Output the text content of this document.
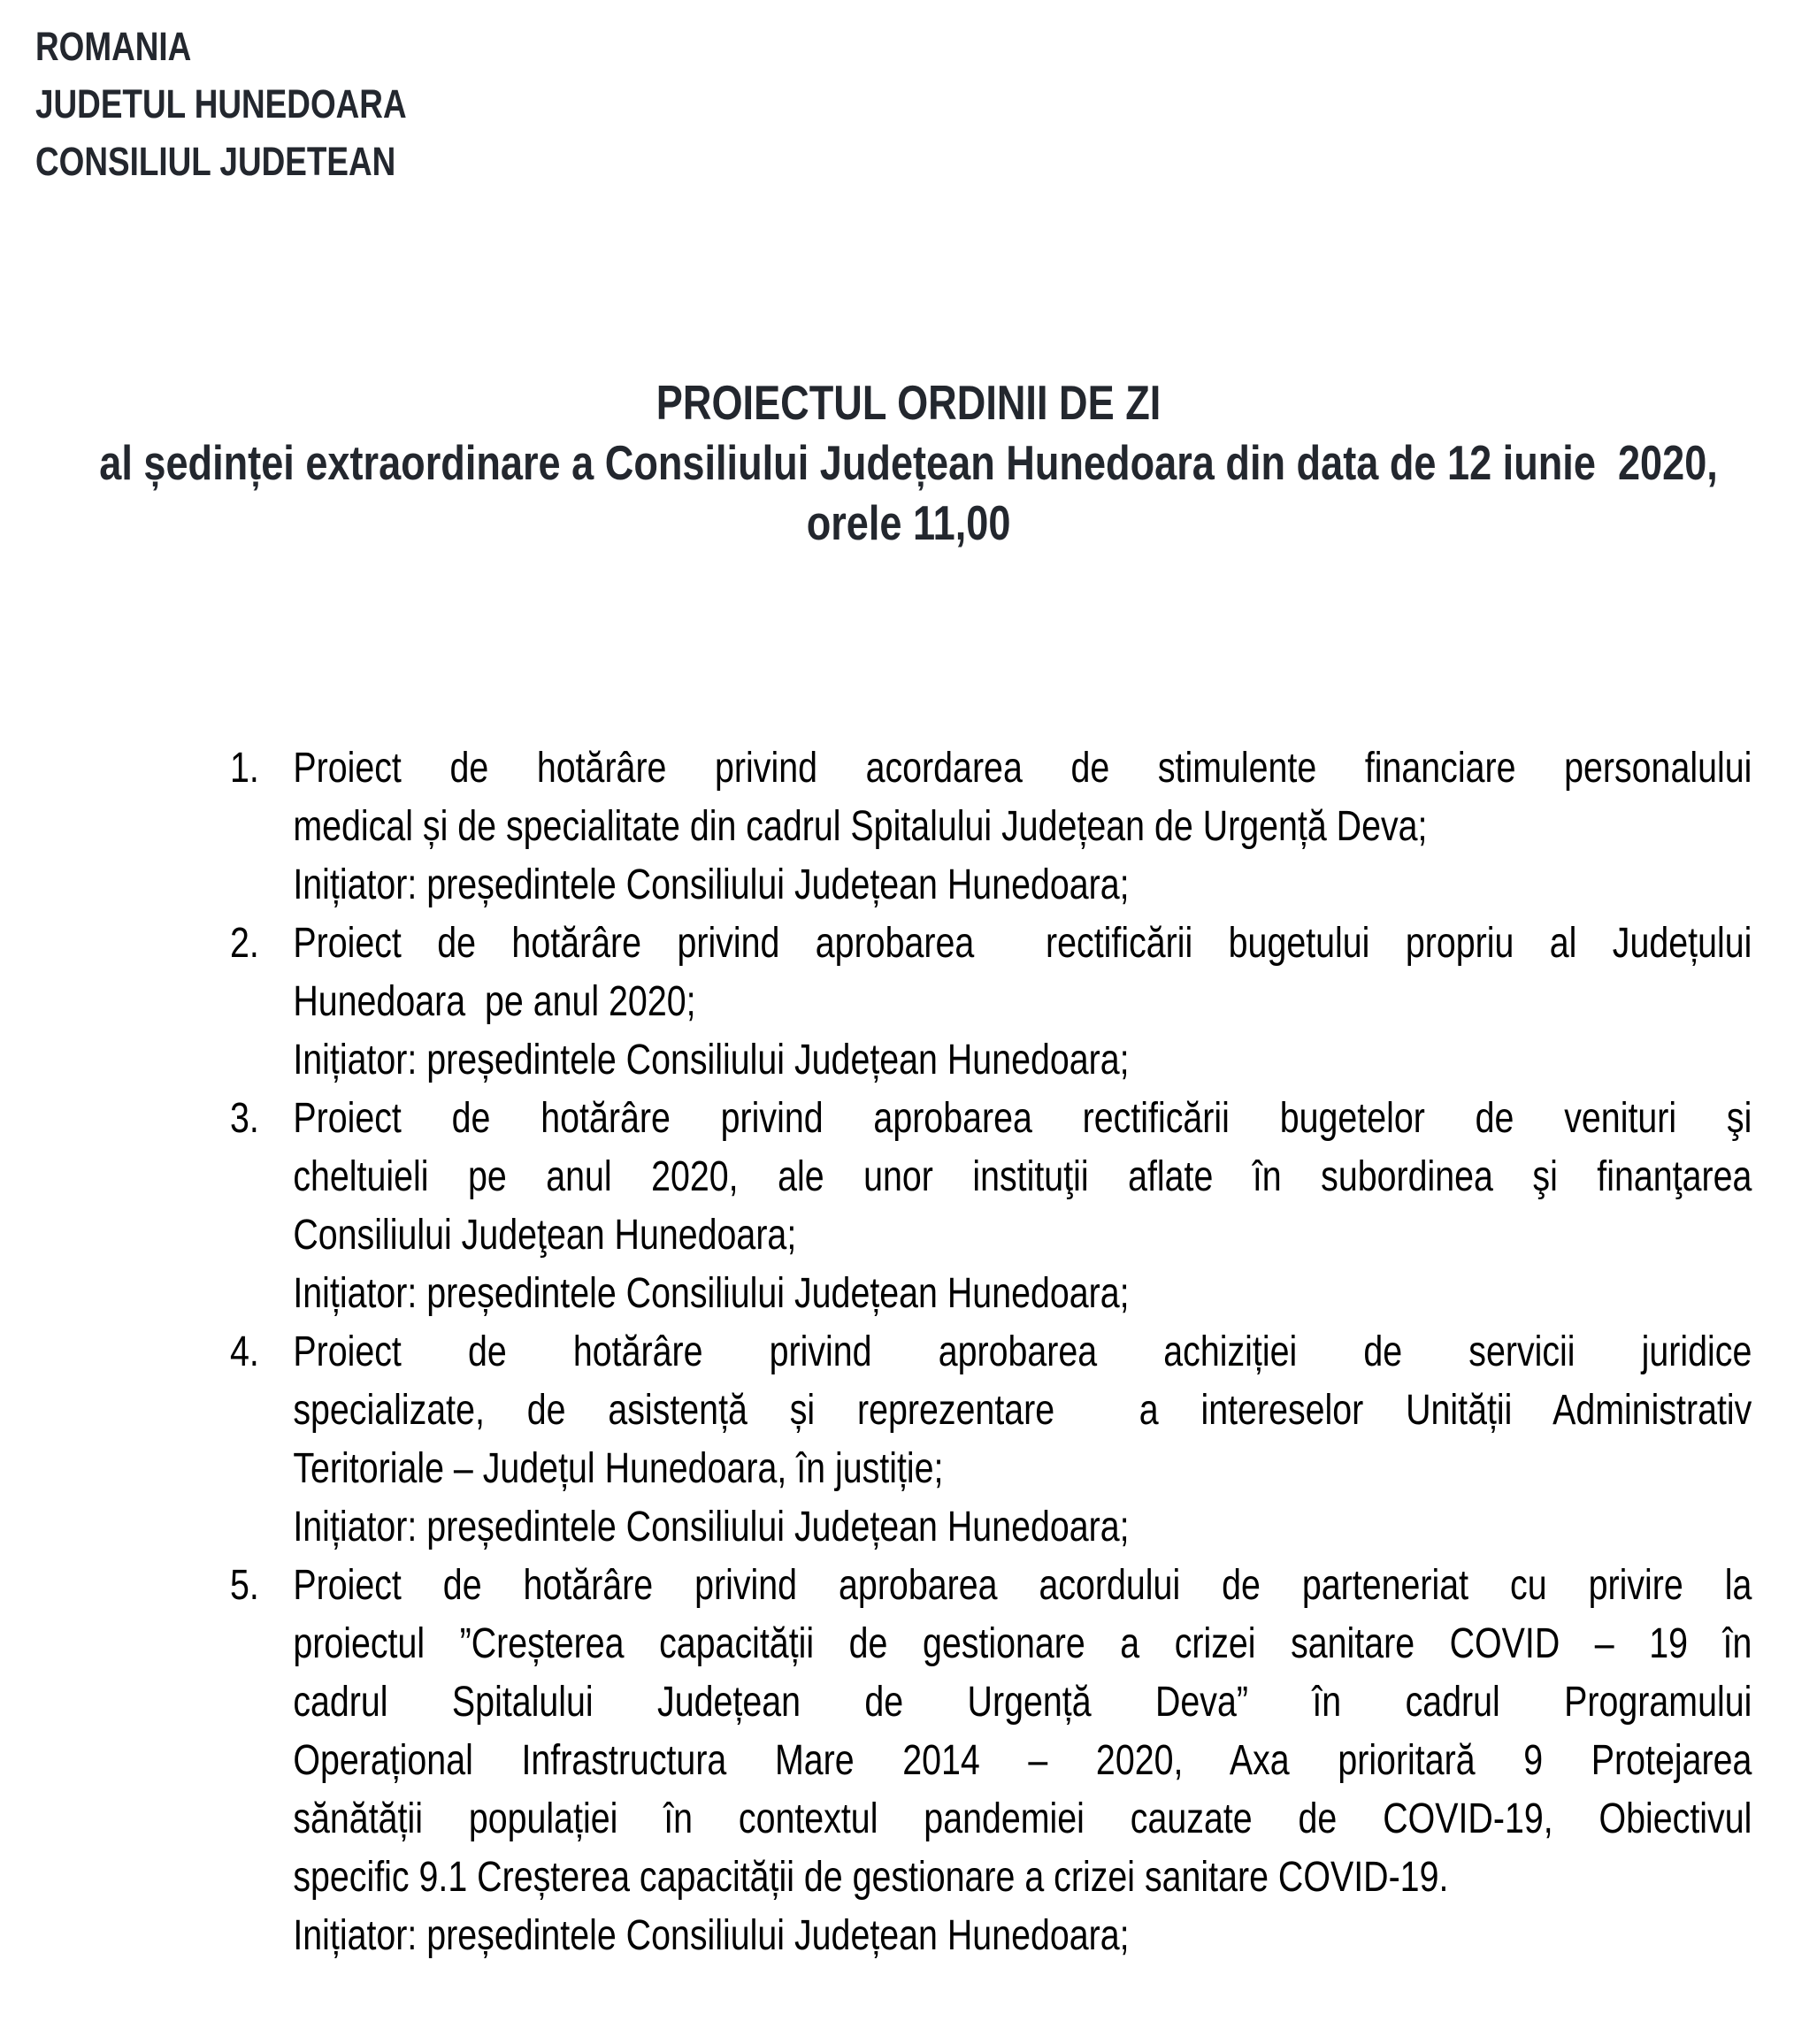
ROMANIA
JUDETUL HUNEDOARA
CONSILIUL JUDETEAN
PROIECTUL ORDINII DE ZI
al ședinței extraordinare a Consiliului Județean Hunedoara din data de 12 iunie  2020,
orele 11,00
1. Proiect de hotărâre privind acordarea de stimulente financiare personalului
medical și de specialitate din cadrul Spitalului Județean de Urgență Deva;
Inițiator: președintele Consiliului Județean Hunedoara;
2. Proiect de hotărâre privind aprobarea  rectificării bugetului propriu al Județului
Hunedoara  pe anul 2020;
Inițiator: președintele Consiliului Județean Hunedoara;
3. Proiect de hotărâre privind aprobarea rectificării bugetelor de venituri şi
cheltuieli pe anul 2020, ale unor instituţii aflate în subordinea şi finanţarea
Consiliului Judeţean Hunedoara;
Inițiator: președintele Consiliului Județean Hunedoara;
4. Proiect de hotărâre privind aprobarea achiziției de servicii juridice
specializate, de asistență și reprezentare  a intereselor Unității Administrativ
Teritoriale – Județul Hunedoara, în justiție;
Inițiator: președintele Consiliului Județean Hunedoara;
5. Proiect de hotărâre privind aprobarea acordului de parteneriat cu privire la
proiectul ”Creșterea capacității de gestionare a crizei sanitare COVID – 19 în
cadrul Spitalului Județean de Urgență Deva” în cadrul Programului
Operațional Infrastructura Mare 2014 – 2020, Axa prioritară 9 Protejarea
sănătății populației în contextul pandemiei cauzate de COVID-19, Obiectivul
specific 9.1 Creșterea capacității de gestionare a crizei sanitare COVID-19.
Inițiator: președintele Consiliului Județean Hunedoara;
